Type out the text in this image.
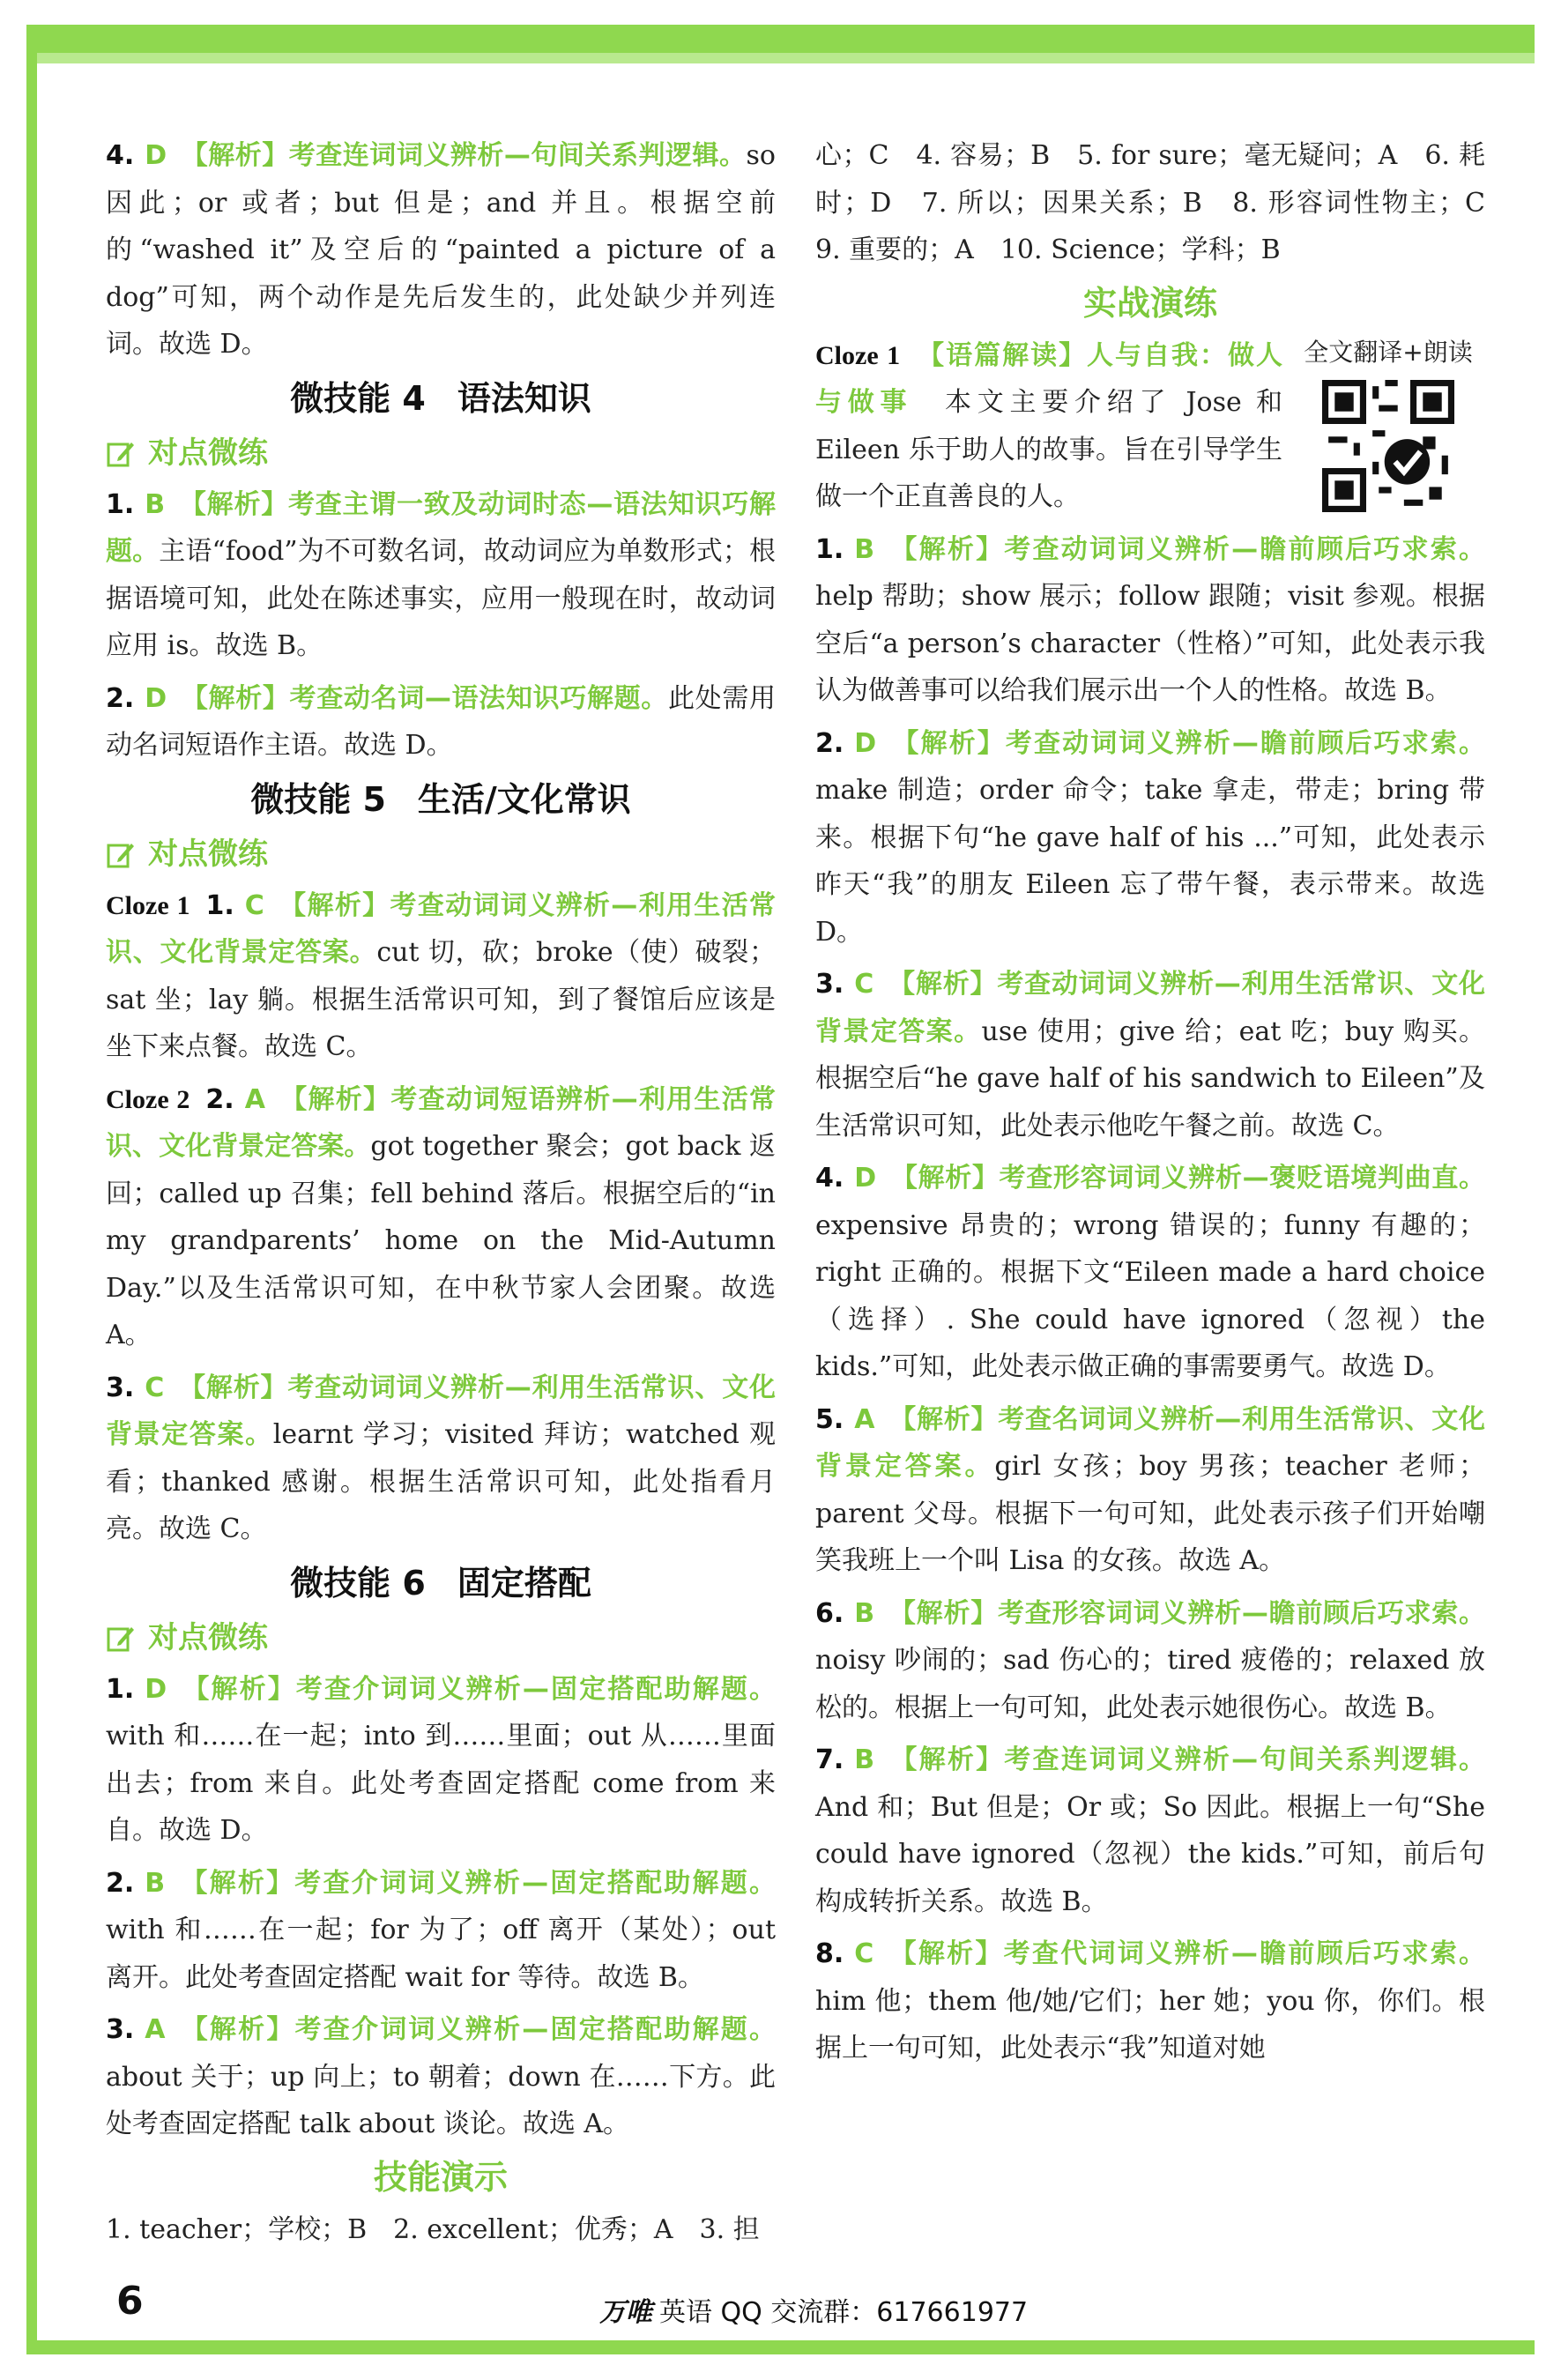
4. D 【解析】考查连词词义辨析—句间关系判逻辑。so 因此；or 或者；but 但是；and 并且。根据空前的“washed it”及空后的“painted a picture of a dog”可知，两个动作是先后发生的，此处缺少并列连词。故选 D。

微技能 4 语法知识
对点微练

1. B 【解析】考查主谓一致及动词时态—语法知识巧解题。主语“food”为不可数名词，故动词应为单数形式；根据语境可知，此处在陈述事实，应用一般现在时，故动词应用 is。故选 B。

2. D 【解析】考查动名词—语法知识巧解题。此处需用动名词短语作主语。故选 D。

微技能 5 生活/文化常识
对点微练

Cloze 1 1. C 【解析】考查动词词义辨析—利用生活常识、文化背景定答案。cut 切，砍；broke（使）破裂；sat 坐；lay 躺。根据生活常识可知，到了餐馆后应该是坐下来点餐。故选 C。

Cloze 2 2. A 【解析】考查动词短语辨析—利用生活常识、文化背景定答案。got together 聚会；got back 返回；called up 召集；fell behind 落后。根据空后的“in my grandparents’ home on the Mid-Autumn Day.”以及生活常识可知，在中秋节家人会团聚。故选 A。

3. C 【解析】考查动词词义辨析—利用生活常识、文化背景定答案。learnt 学习；visited 拜访；watched 观看；thanked 感谢。根据生活常识可知，此处指看月亮。故选 C。

微技能 6 固定搭配
对点微练

1. D 【解析】考查介词词义辨析—固定搭配助解题。with 和……在一起；into 到……里面；out 从……里面出去；from 来自。此处考查固定搭配 come from 来自。故选 D。

2. B 【解析】考查介词词义辨析—固定搭配助解题。with 和……在一起；for 为了；off 离开（某处）；out 离开。此处考查固定搭配 wait for 等待。故选 B。

3. A 【解析】考查介词词义辨析—固定搭配助解题。about 关于；up 向上；to 朝着；down 在……下方。此处考查固定搭配 talk about 谈论。故选 A。

技能演示

1. teacher；学校；B　2. excellent；优秀；A　3. 担

心；C　4. 容易；B　5. for sure；毫无疑问；A　6. 耗时；D　7. 所以；因果关系；B　8. 形容词性物主；C　9. 重要的；A　10. Science；学科；B

实战演练
全文翻译+朗读

Cloze 1 【语篇解读】人与自我：做人与做事　 本文主要介绍了 Jose 和 Eileen 乐于助人的故事。旨在引导学生做一个正直善良的人。

1. B 【解析】考查动词词义辨析—瞻前顾后巧求索。help 帮助；show 展示；follow 跟随；visit 参观。根据空后“a person’s character（性格）”可知，此处表示我认为做善事可以给我们展示出一个人的性格。故选 B。

2. D 【解析】考查动词词义辨析—瞻前顾后巧求索。make 制造；order 命令；take 拿走，带走；bring 带来。根据下句“he gave half of his ...”可知，此处表示昨天“我”的朋友 Eileen 忘了带午餐，表示带来。故选 D。

3. C 【解析】考查动词词义辨析—利用生活常识、文化背景定答案。use 使用；give 给；eat 吃；buy 购买。根据空后“he gave half of his sandwich to Eileen”及生活常识可知，此处表示他吃午餐之前。故选 C。

4. D 【解析】考查形容词词义辨析—褒贬语境判曲直。expensive 昂贵的；wrong 错误的；funny 有趣的；right 正确的。根据下文“Eileen made a hard choice（选择）. She could have ignored（忽视）the kids.”可知，此处表示做正确的事需要勇气。故选 D。

5. A 【解析】考查名词词义辨析—利用生活常识、文化背景定答案。girl 女孩；boy 男孩；teacher 老师；parent 父母。根据下一句可知，此处表示孩子们开始嘲笑我班上一个叫 Lisa 的女孩。故选 A。

6. B 【解析】考查形容词词义辨析—瞻前顾后巧求索。noisy 吵闹的；sad 伤心的；tired 疲倦的；relaxed 放松的。根据上一句可知，此处表示她很伤心。故选 B。

7. B 【解析】考查连词词义辨析—句间关系判逻辑。And 和；But 但是；Or 或；So 因此。根据上一句“She could have ignored（忽视）the kids.”可知，前后句构成转折关系。故选 B。

8. C 【解析】考查代词词义辨析—瞻前顾后巧求索。him 他；them 他/她/它们；her 她；you 你，你们。根据上一句可知，此处表示“我”知道对她

6	万唯 英语 QQ 交流群：617661977
